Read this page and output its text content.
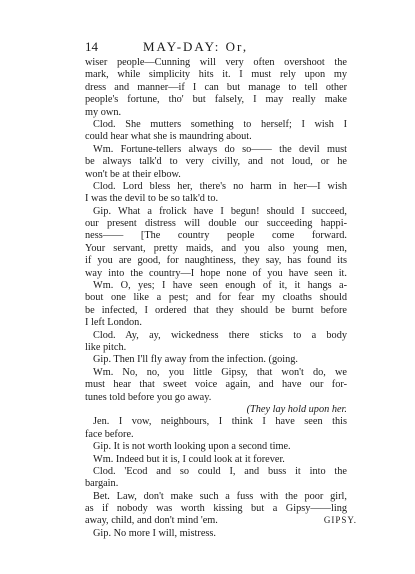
14	MAY-DAY: Or,
wiser people—Cunning will very often overshoot the
mark, while simplicity hits it. I must rely upon my
dress and manner—if I can but manage to tell other
people's fortune, tho' but falsely, I may really make
my own.
Clod. She mutters something to herself; I wish I
could hear what she is maundring about.
Wm. Fortune-tellers always do so—— the devil must
be always talk'd to very civilly, and not loud, or he
won't be at their elbow.
Clod. Lord bless her, there's no harm in her—I wish
I was the devil to be so talk'd to.
Gip. What a frolick have I begun! should I succeed,
our present distress will double our succeeding happi-
ness—— [The country people come forward.
Your servant, pretty maids, and you also young men,
if you are good, for naughtiness, they say, has found its
way into the country—I hope none of you have seen it.
Wm. O, yes; I have seen enough of it, it hangs a-
bout one like a pest; and for fear my cloaths should
be infected, I ordered that they should be burnt before
I left London.
Clod. Ay, ay, wickedness there sticks to a body
like pitch.
Gip. Then I'll fly away from the infection. (going.
Wm. No, no, you little Gipsy, that won't do, we
must hear that sweet voice again, and have our for-
tunes told before you go away.
(They lay hold upon her.
Jen. I vow, neighbours, I think I have seen this
face before.
Gip. It is not worth looking upon a second time.
Wm. Indeed but it is, I could look at it forever.
Clod. 'Ecod and so could I, and buss it into the
bargain.
Bet. Law, don't make such a fuss with the poor girl,
as if nobody was worth kissing but a Gipsy——ling
away, child, and don't mind 'em.
Gip. No more I will, mistress.
GIPSY.
